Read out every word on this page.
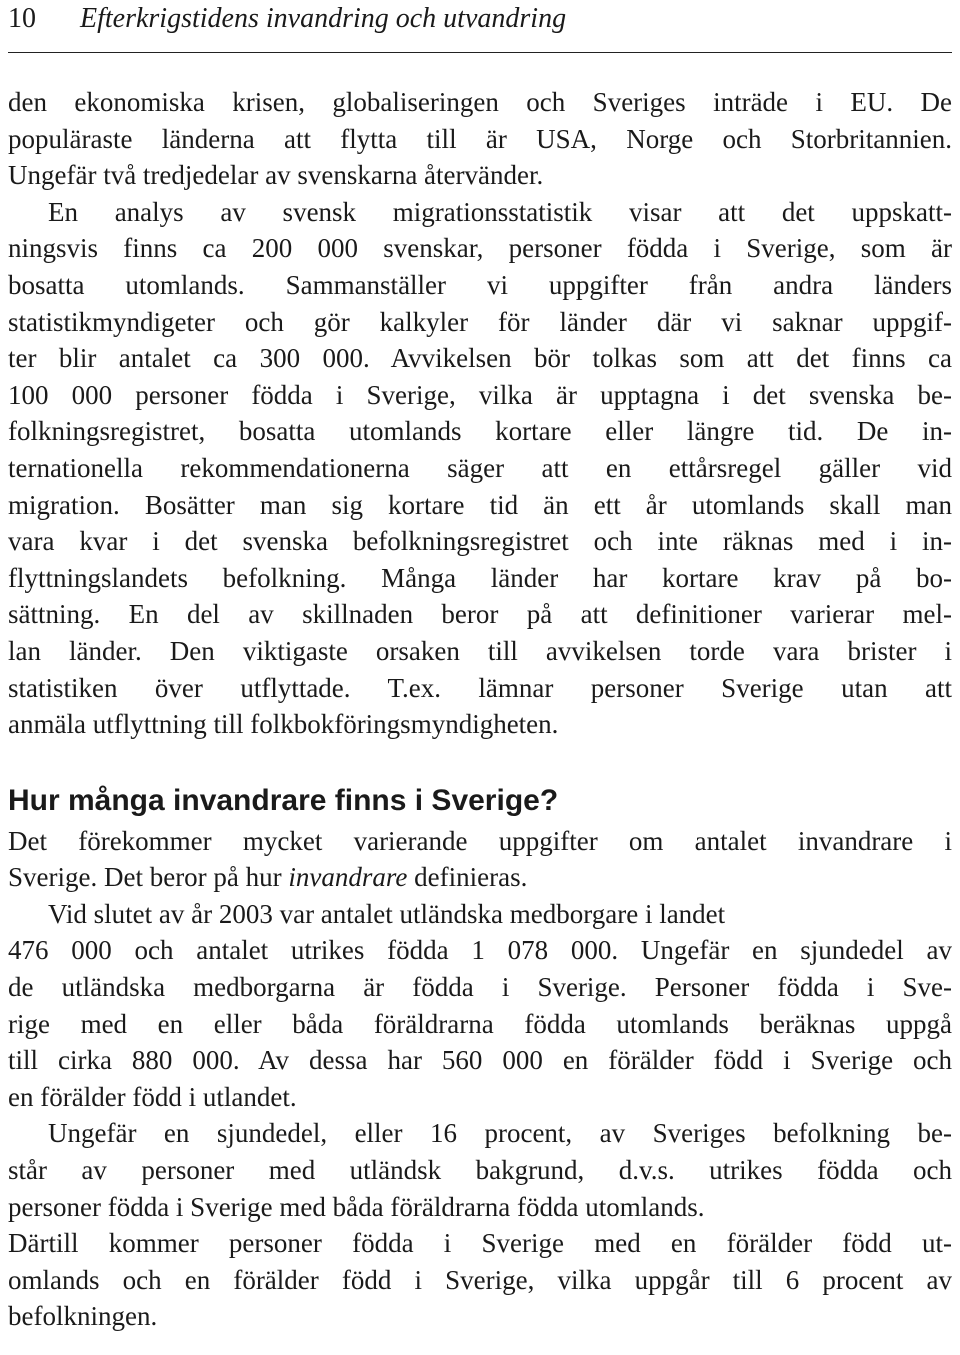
10 Efterkrigstidens invandring och utvandring
den ekonomiska krisen, globaliseringen och Sveriges inträde i EU. De
populäraste länderna att flytta till är USA, Norge och Storbritannien.
Ungefär två tredjedelar av svenskarna återvänder.
En analys av svensk migrationsstatistik visar att det uppskatt-
ningsvis finns ca 200 000 svenskar, personer födda i Sverige, som är
bosatta utomlands. Sammanställer vi uppgifter från andra länders
statistikmyndigeter och gör kalkyler för länder där vi saknar uppgif-
ter blir antalet ca 300 000. Avvikelsen bör tolkas som att det finns ca
100 000 personer födda i Sverige, vilka är upptagna i det svenska be-
folkningsregistret, bosatta utomlands kortare eller längre tid. De in-
ternationella rekommendationerna säger att en ettårsregel gäller vid
migration. Bosätter man sig kortare tid än ett år utomlands skall man
vara kvar i det svenska befolkningsregistret och inte räknas med i in-
flyttningslandets befolkning. Många länder har kortare krav på bo-
sättning. En del av skillnaden beror på att definitioner varierar mel-
lan länder. Den viktigaste orsaken till avvikelsen torde vara brister i
statistiken över utflyttade. T.ex. lämnar personer Sverige utan att
anmäla utflyttning till folkbokföringsmyndigheten.
Hur många invandrare finns i Sverige?
Det förekommer mycket varierande uppgifter om antalet invandrare i
Sverige. Det beror på hur invandrare definieras.
Vid slutet av år 2003 var antalet utländska medborgare i landet
476 000 och antalet utrikes födda 1 078 000. Ungefär en sjundedel av
de utländska medborgarna är födda i Sverige. Personer födda i Sve-
rige med en eller båda föräldrarna födda utomlands beräknas uppgå
till cirka 880 000. Av dessa har 560 000 en förälder född i Sverige och
en förälder född i utlandet.
Ungefär en sjundedel, eller 16 procent, av Sveriges befolkning be-
står av personer med utländsk bakgrund, d.v.s. utrikes födda och
personer födda i Sverige med båda föräldrarna födda utomlands.
Därtill kommer personer födda i Sverige med en förälder född ut-
omlands och en förälder född i Sverige, vilka uppgår till 6 procent av
befolkningen.
